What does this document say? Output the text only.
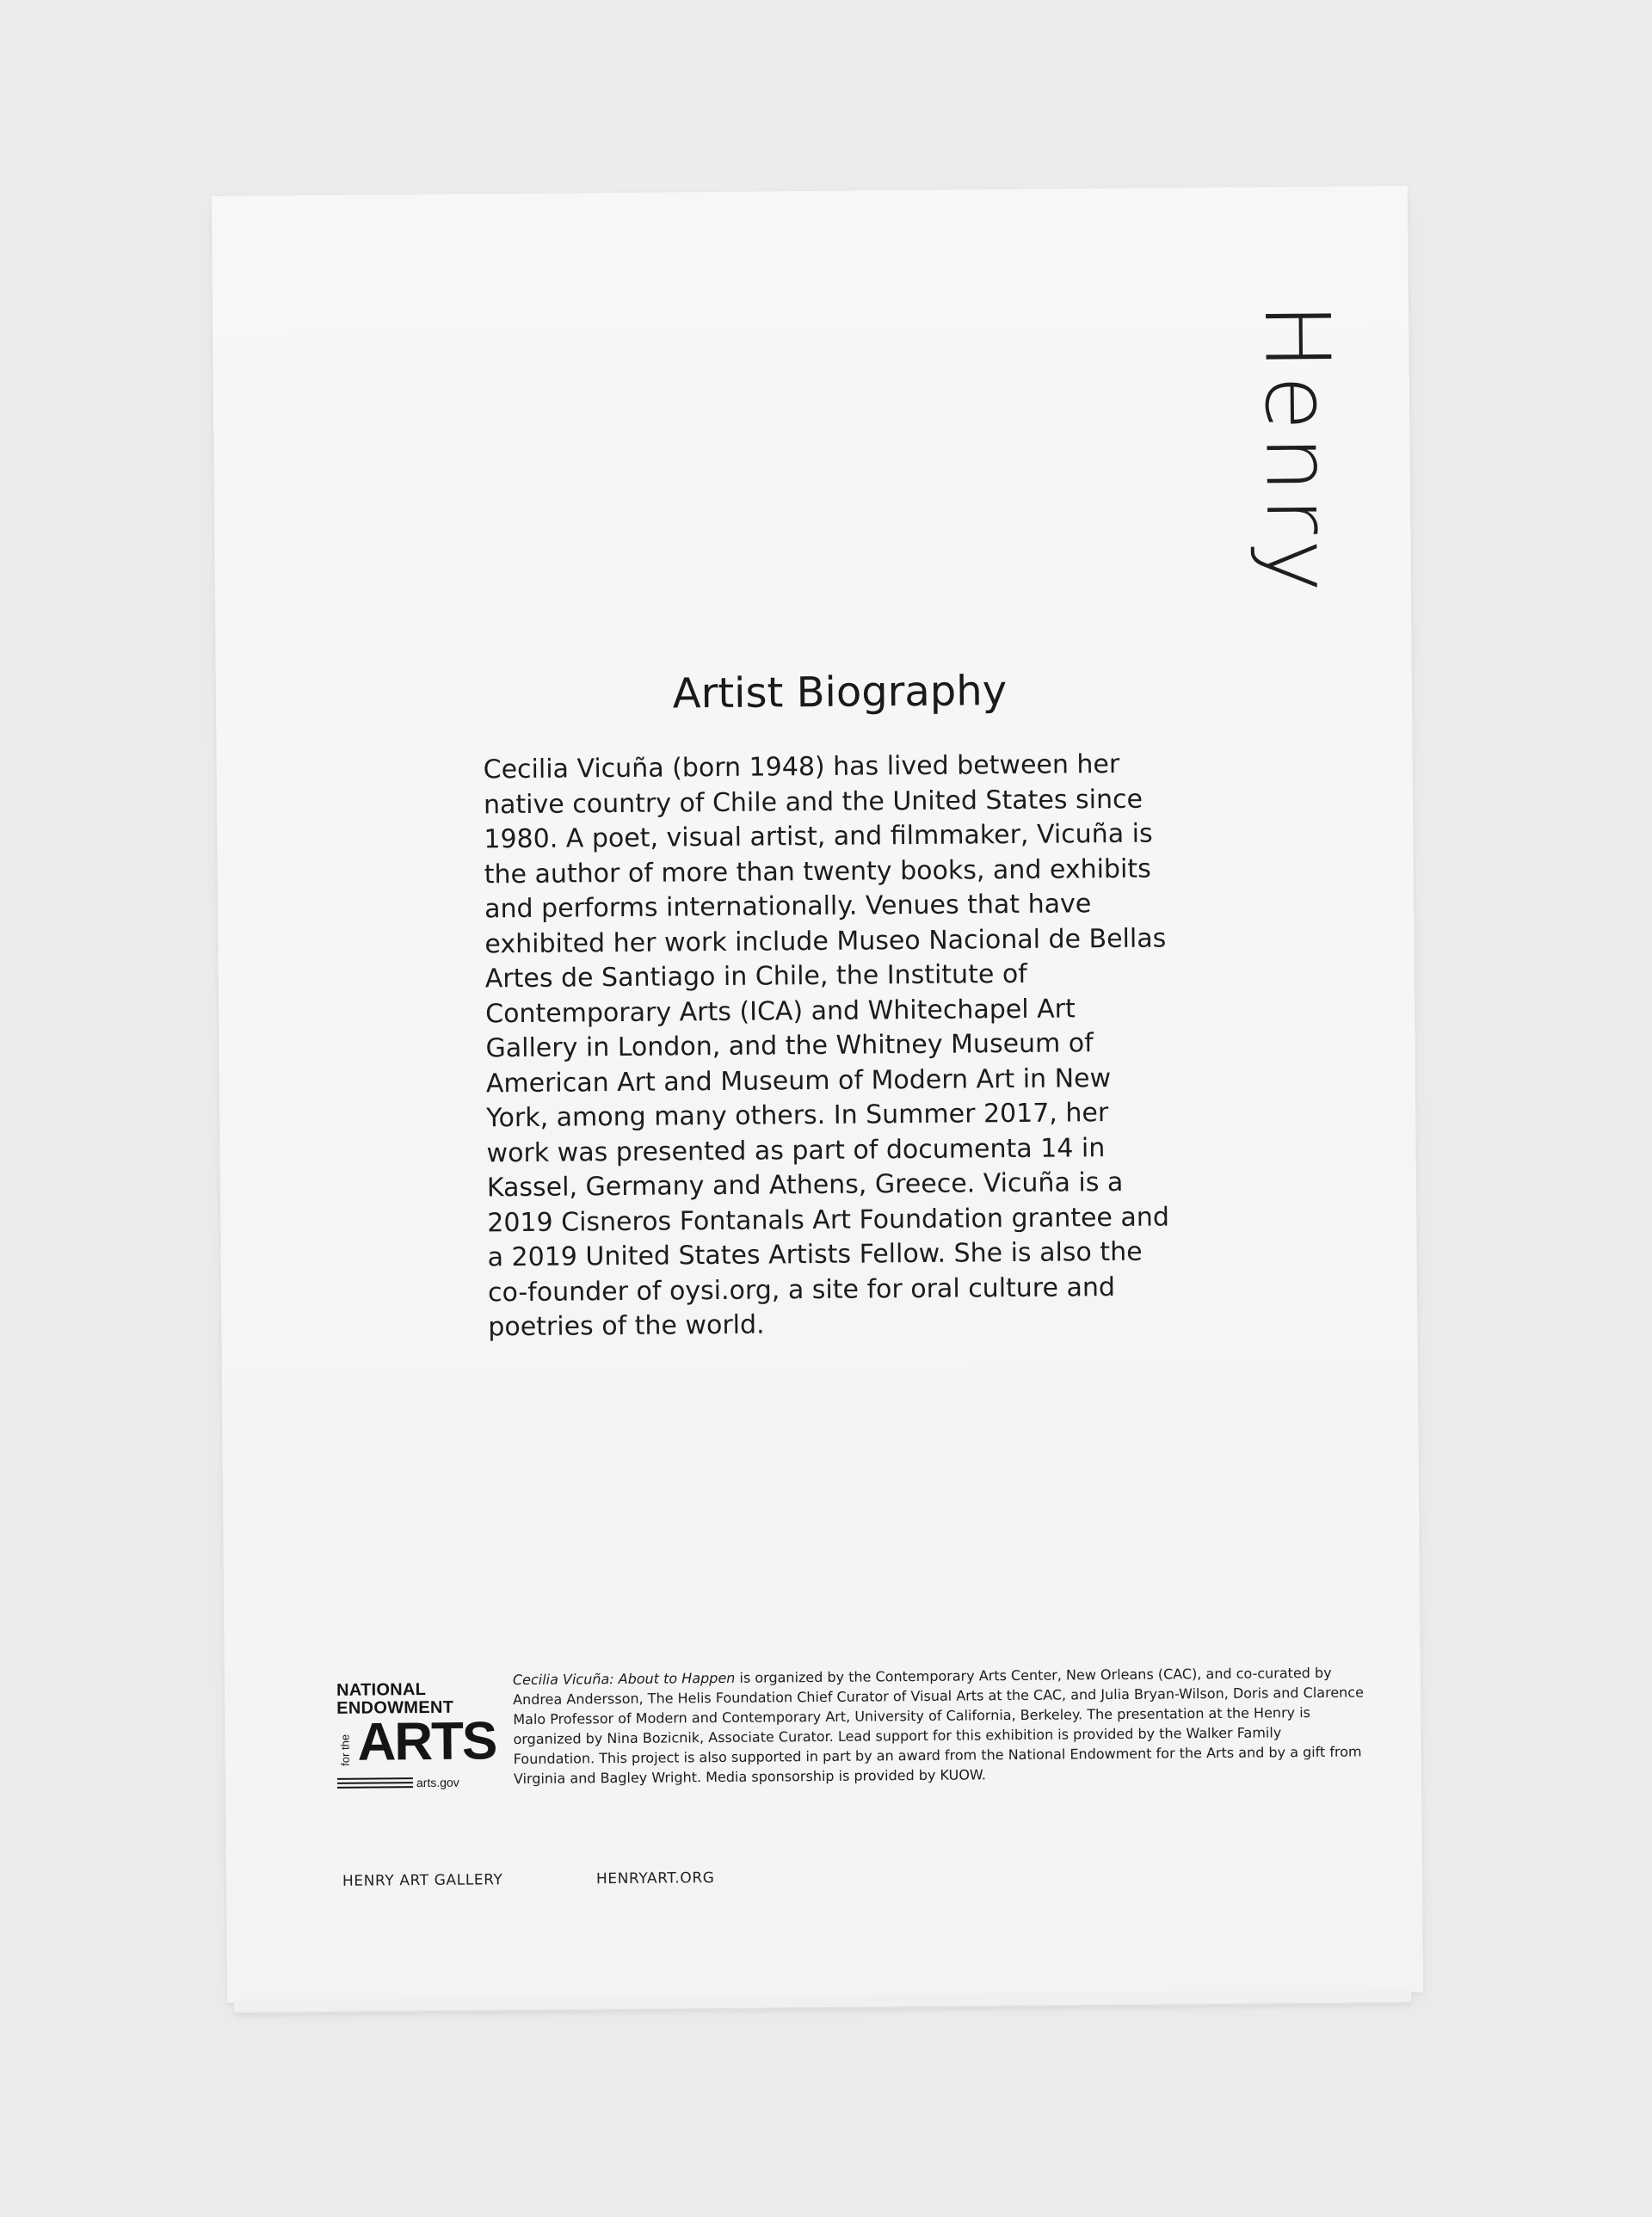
Henry
Artist Biography

Cecilia Vicuña (born 1948) has lived between her native country of Chile and the United States since 1980. A poet, visual artist, and filmmaker, Vicuña is the author of more than twenty books, and exhibits and performs internationally. Venues that have exhibited her work include Museo Nacional de Bellas Artes de Santiago in Chile, the Institute of Contemporary Arts (ICA) and Whitechapel Art Gallery in London, and the Whitney Museum of American Art and Museum of Modern Art in New York, among many others. In Summer 2017, her work was presented as part of documenta 14 in Kassel, Germany and Athens, Greece. Vicuña is a 2019 Cisneros Fontanals Art Foundation grantee and a 2019 United States Artists Fellow. She is also the co-founder of oysi.org, a site for oral culture and poetries of the world.

NATIONAL
ENDOWMENT
for the ARTS
arts.gov

Cecilia Vicuña: About to Happen is organized by the Contemporary Arts Center, New Orleans (CAC), and co-curated by Andrea Andersson, The Helis Foundation Chief Curator of Visual Arts at the CAC, and Julia Bryan-Wilson, Doris and Clarence Malo Professor of Modern and Contemporary Art, University of California, Berkeley. The presentation at the Henry is organized by Nina Bozicnik, Associate Curator. Lead support for this exhibition is provided by the Walker Family Foundation. This project is also supported in part by an award from the National Endowment for the Arts and by a gift from Virginia and Bagley Wright. Media sponsorship is provided by KUOW.

HENRY ART GALLERY	HENRYART.ORG
